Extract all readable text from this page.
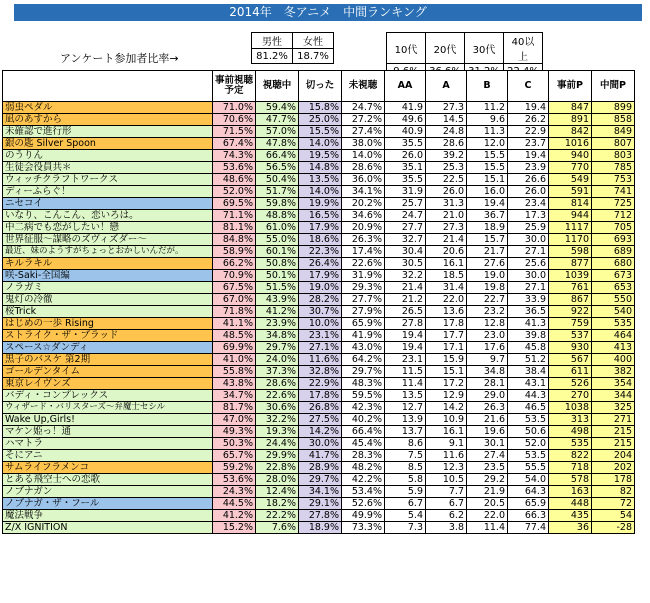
2014年　冬アニメ　中間ランキング
アンケート参加者比率→
男性	女性
81.2%	18.7%
10代	20代	30代	40以上

	事前視聴予定	視聴中	切った	未視聴	AA	A	B	C	事前P	中間P
弱虫ペダル	71.0%	59.4%	15.8%	24.7%	41.9	27.3	11.2	19.4	847	899
凪のあすから	70.6%	47.7%	25.0%	27.2%	49.6	14.5	9.6	26.2	891	858
未確認で進行形	71.5%	57.0%	15.5%	27.4%	40.9	24.8	11.3	22.9	842	849
銀の匙 Silver Spoon	67.4%	47.8%	14.0%	38.0%	35.5	28.6	12.0	23.7	1016	807
のうりん	74.3%	66.4%	19.5%	14.0%	26.0	39.2	15.5	19.4	940	803
生徒会役員共＊	53.6%	56.5%	14.8%	28.6%	35.1	25.3	15.5	23.9	770	785
ウィッチクラフトワークス	48.6%	50.4%	13.5%	36.0%	35.5	22.5	15.1	26.6	549	753
ディーふらぐ！	52.0%	51.7%	14.0%	34.1%	31.9	26.0	16.0	26.0	591	741
ニセコイ	69.5%	59.8%	19.9%	20.2%	25.7	31.3	19.4	23.4	814	725
いなり、こんこん、恋いろは。	71.1%	48.8%	16.5%	34.6%	24.7	21.0	36.7	17.3	944	712
中二病でも恋がしたい！戀	81.1%	61.0%	17.9%	20.9%	27.7	27.3	18.9	25.9	1117	705
世界征服～謀略のズヴィズダー～	84.8%	55.0%	18.6%	26.3%	32.7	21.4	15.7	30.0	1170	693
最近、妹のようすがちょっとおかしいんだが。	58.9%	60.1%	22.3%	17.4%	30.4	20.6	21.7	27.1	598	689
キルラキル	66.2%	50.8%	26.4%	22.6%	30.5	16.1	27.6	25.6	877	680
咲-Saki-全国編	70.9%	50.1%	17.9%	31.9%	32.2	18.5	19.0	30.0	1039	673
ノラガミ	67.5%	51.5%	19.0%	29.3%	21.4	31.4	19.8	27.1	761	653
鬼灯の冷徹	67.0%	43.9%	28.2%	27.7%	21.2	22.0	22.7	33.9	867	550
桜Trick	71.8%	41.2%	30.7%	27.9%	26.5	13.6	23.2	36.5	922	540
はじめの一歩 Rising	41.1%	23.9%	10.0%	65.9%	27.8	17.8	12.8	41.3	759	535
ストライク・ザ・ブラッド	48.5%	34.8%	23.1%	41.9%	19.4	17.7	23.0	39.8	537	464
スペース☆ダンディ	69.9%	29.7%	27.1%	43.0%	19.4	17.1	17.6	45.8	930	413
黒子のバスケ 第2期	41.0%	24.0%	11.6%	64.2%	23.1	15.9	9.7	51.2	567	400
ゴールデンタイム	55.8%	37.3%	32.8%	29.7%	11.5	15.1	34.8	38.4	611	382
東京レイヴンズ	43.8%	28.6%	22.9%	48.3%	11.4	17.2	28.1	43.1	526	354
バディ・コンプレックス	34.7%	22.6%	17.8%	59.5%	13.5	12.9	29.0	44.3	270	344
ウィザード・バリスターズ～弁魔士セシル	81.7%	30.6%	26.8%	42.3%	12.7	14.2	26.3	46.5	1038	325
Wake Up,Girls!	47.0%	32.2%	27.5%	40.2%	13.9	10.9	21.6	53.5	313	271
マケン姫っ！通	49.3%	19.3%	14.2%	66.4%	13.7	16.1	19.6	50.6	498	215
ハマトラ	50.3%	24.4%	30.0%	45.4%	8.6	9.1	30.1	52.0	535	215
そにアニ	65.7%	29.9%	41.7%	28.3%	7.5	11.6	27.4	53.5	822	204
サムライフラメンコ	59.2%	22.8%	28.9%	48.2%	8.5	12.3	23.5	55.5	718	202
とある飛空士への恋歌	53.6%	28.0%	29.7%	42.2%	5.8	10.5	29.2	54.0	578	178
ノブナガン	24.3%	12.4%	34.1%	53.4%	5.9	7.7	21.9	64.3	163	82
ノブナガ・ザ・フール	44.5%	18.2%	29.1%	52.6%	6.7	6.7	20.5	65.9	448	72
魔法戦争	41.2%	22.2%	27.8%	49.9%	5.4	6.2	22.0	66.3	435	54
Z/X IGNITION	15.2%	7.6%	18.9%	73.3%	7.3	3.8	11.4	77.4	36	-28
